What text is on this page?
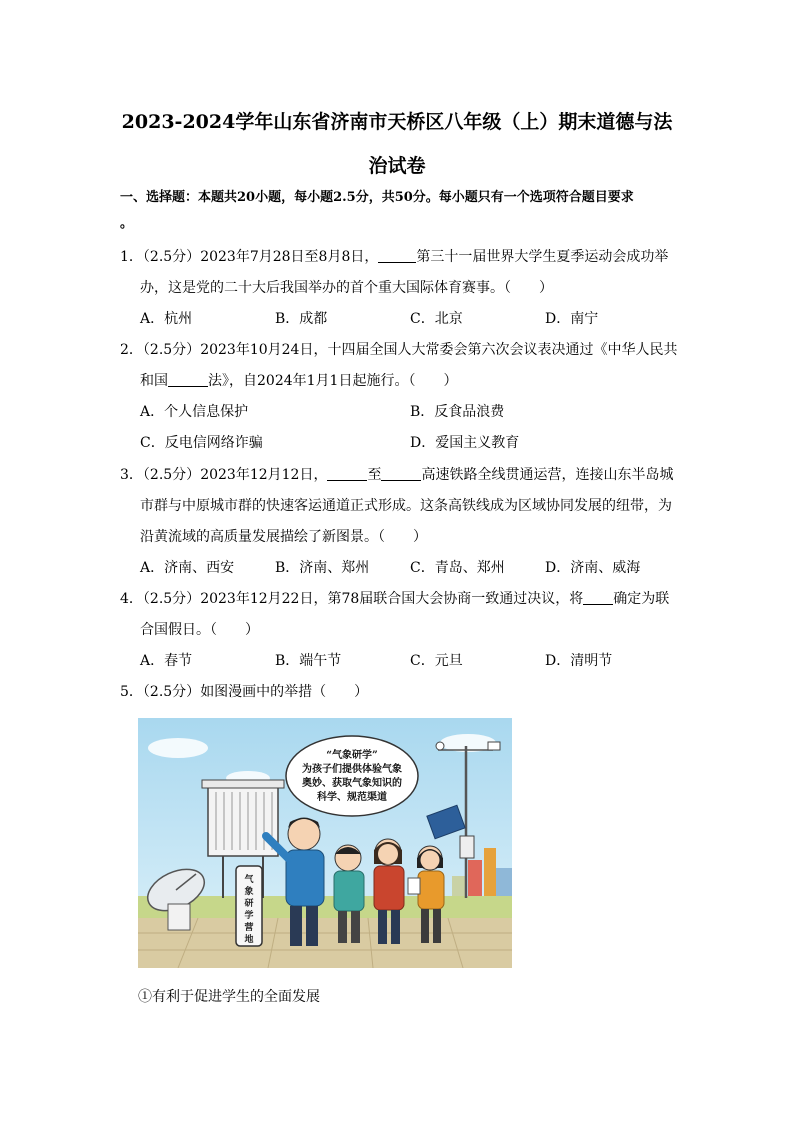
2023-2024学年山东省济南市天桥区八年级（上）期末道德与法
治试卷
一、选择题：本题共20小题，每小题2.5分，共50分。每小题只有一个选项符合题目要求
。
1．（2.5分）2023年7月28日至8月8日，	第三十一届世界大学生夏季运动会成功举办，这是党的二十大后我国举办的首个重大国际体育赛事。（　　）
A．杭州	B．成都	C．北京	D．南宁
2．（2.5分）2023年10月24日，十四届全国人大常委会第六次会议表决通过《中华人民共和国	法》，自2024年1月1日起施行。（　　）
A．个人信息保护	B．反食品浪费
C．反电信网络诈骗	D．爱国主义教育
3．（2.5分）2023年12月12日，	至	高速铁路全线贯通运营，连接山东半岛城市群与中原城市群的快速客运通道正式形成。这条高铁线成为区域协同发展的纽带，为沿黄流域的高质量发展描绘了新图景。（　　）
A．济南、西安	B．济南、郑州	C．青岛、郑州	D．济南、威海
4．（2.5分）2023年12月22日，第78届联合国大会协商一致通过决议，将 确定为联合国假日。（　　）
A．春节	B．端午节	C．元旦	D．清明节
5．（2.5分）如图漫画中的举措（　　）
气
象
研
学
营
地
“气象研学”
为孩子们提供体验气象
奥妙、获取气象知识的
科学、规范渠道
①有利于促进学生的全面发展
